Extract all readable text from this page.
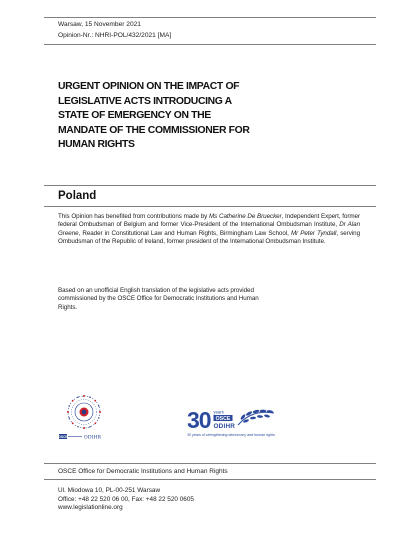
Warsaw, 15 November 2021
Opinion-Nr.: NHRI-POL/432/2021 [MA]
URGENT OPINION ON THE IMPACT OF
LEGISLATIVE ACTS INTRODUCING A
STATE OF EMERGENCY ON THE
MANDATE OF THE COMMISSIONER FOR
HUMAN RIGHTS
Poland
This Opinion has benefited from contributions made by Ms Catherine De Bruecker, Independent Expert, former federal Ombudsman of Belgium and former Vice-President of the International Ombudsman Institute, Dr Alan Greene, Reader in Constitutional Law and Human Rights, Birmingham Law School, Mr Peter Tyndall, serving Ombudsman of the Republic of Ireland, former president of the International Ombudsman Institute.
Based on an unofficial English translation of the legislative acts provided commissioned by the OSCE Office for Democratic Institutions and Human Rights.
OSCE	ODIHR
30 years
OSCE
ODIHR
30 years of strengthening democracy and human rights
OSCE Office for Democratic Institutions and Human Rights
Ul. Miodowa 10, PL-00-251 Warsaw
Office: +48 22 520 06 00, Fax: +48 22 520 0605
www.legislationline.org
